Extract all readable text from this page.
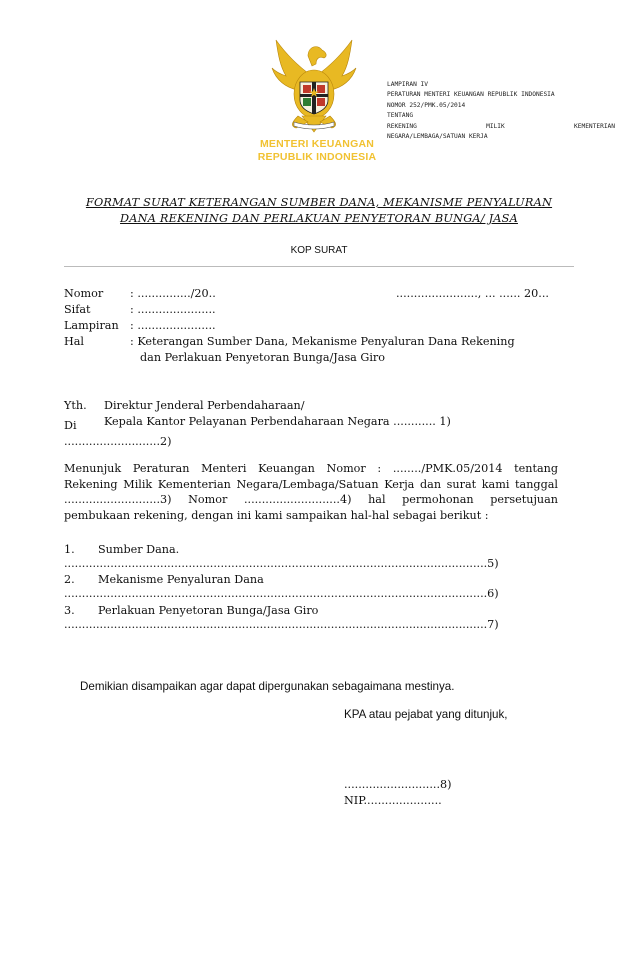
MENTERI KEUANGAN
REPUBLIK INDONESIA
LAMPIRAN IV
PERATURAN MENTERI KEUANGAN REPUBLIK INDONESIA
NOMOR 252/PMK.05/2014
TENTANG
REKENING	MILIK	KEMENTERIAN
NEGARA/LEMBAGA/SATUAN KERJA
FORMAT SURAT KETERANGAN SUMBER DANA, MEKANISME PENYALURAN
DANA REKENING DAN PERLAKUAN PENYETORAN BUNGA/ JASA
KOP SURAT
Nomor : .............../20..	......................., ... ...... 20...
Sifat	: ......................
Lampiran : ......................
Hal	: Keterangan Sumber Dana, Mekanisme Penyaluran Dana Rekening
dan Perlakuan Penyetoran Bunga/Jasa Giro
Yth. Direktur Jenderal Perbendaharaan/
Kepala Kantor Pelayanan Perbendaharaan Negara ............ 1)
Di
...........................2)
Menunjuk Peraturan Menteri Keuangan Nomor : ......../PMK.05/2014 tentang Rekening Milik Kementerian Negara/Lembaga/Satuan Kerja dan surat kami tanggal ...........................3) Nomor ...........................4) hal permohonan persetujuan pembukaan rekening, dengan ini kami sampaikan hal-hal sebagai berikut :
1. Sumber Dana.
.......................................................................................................................5)
2. Mekanisme Penyaluran Dana
.......................................................................................................................6)
3. Perlakuan Penyetoran Bunga/Jasa Giro
.......................................................................................................................7)
Demikian disampaikan agar dapat dipergunakan sebagaimana mestinya.
KPA atau pejabat yang ditunjuk,
...........................8)
NIP......................
